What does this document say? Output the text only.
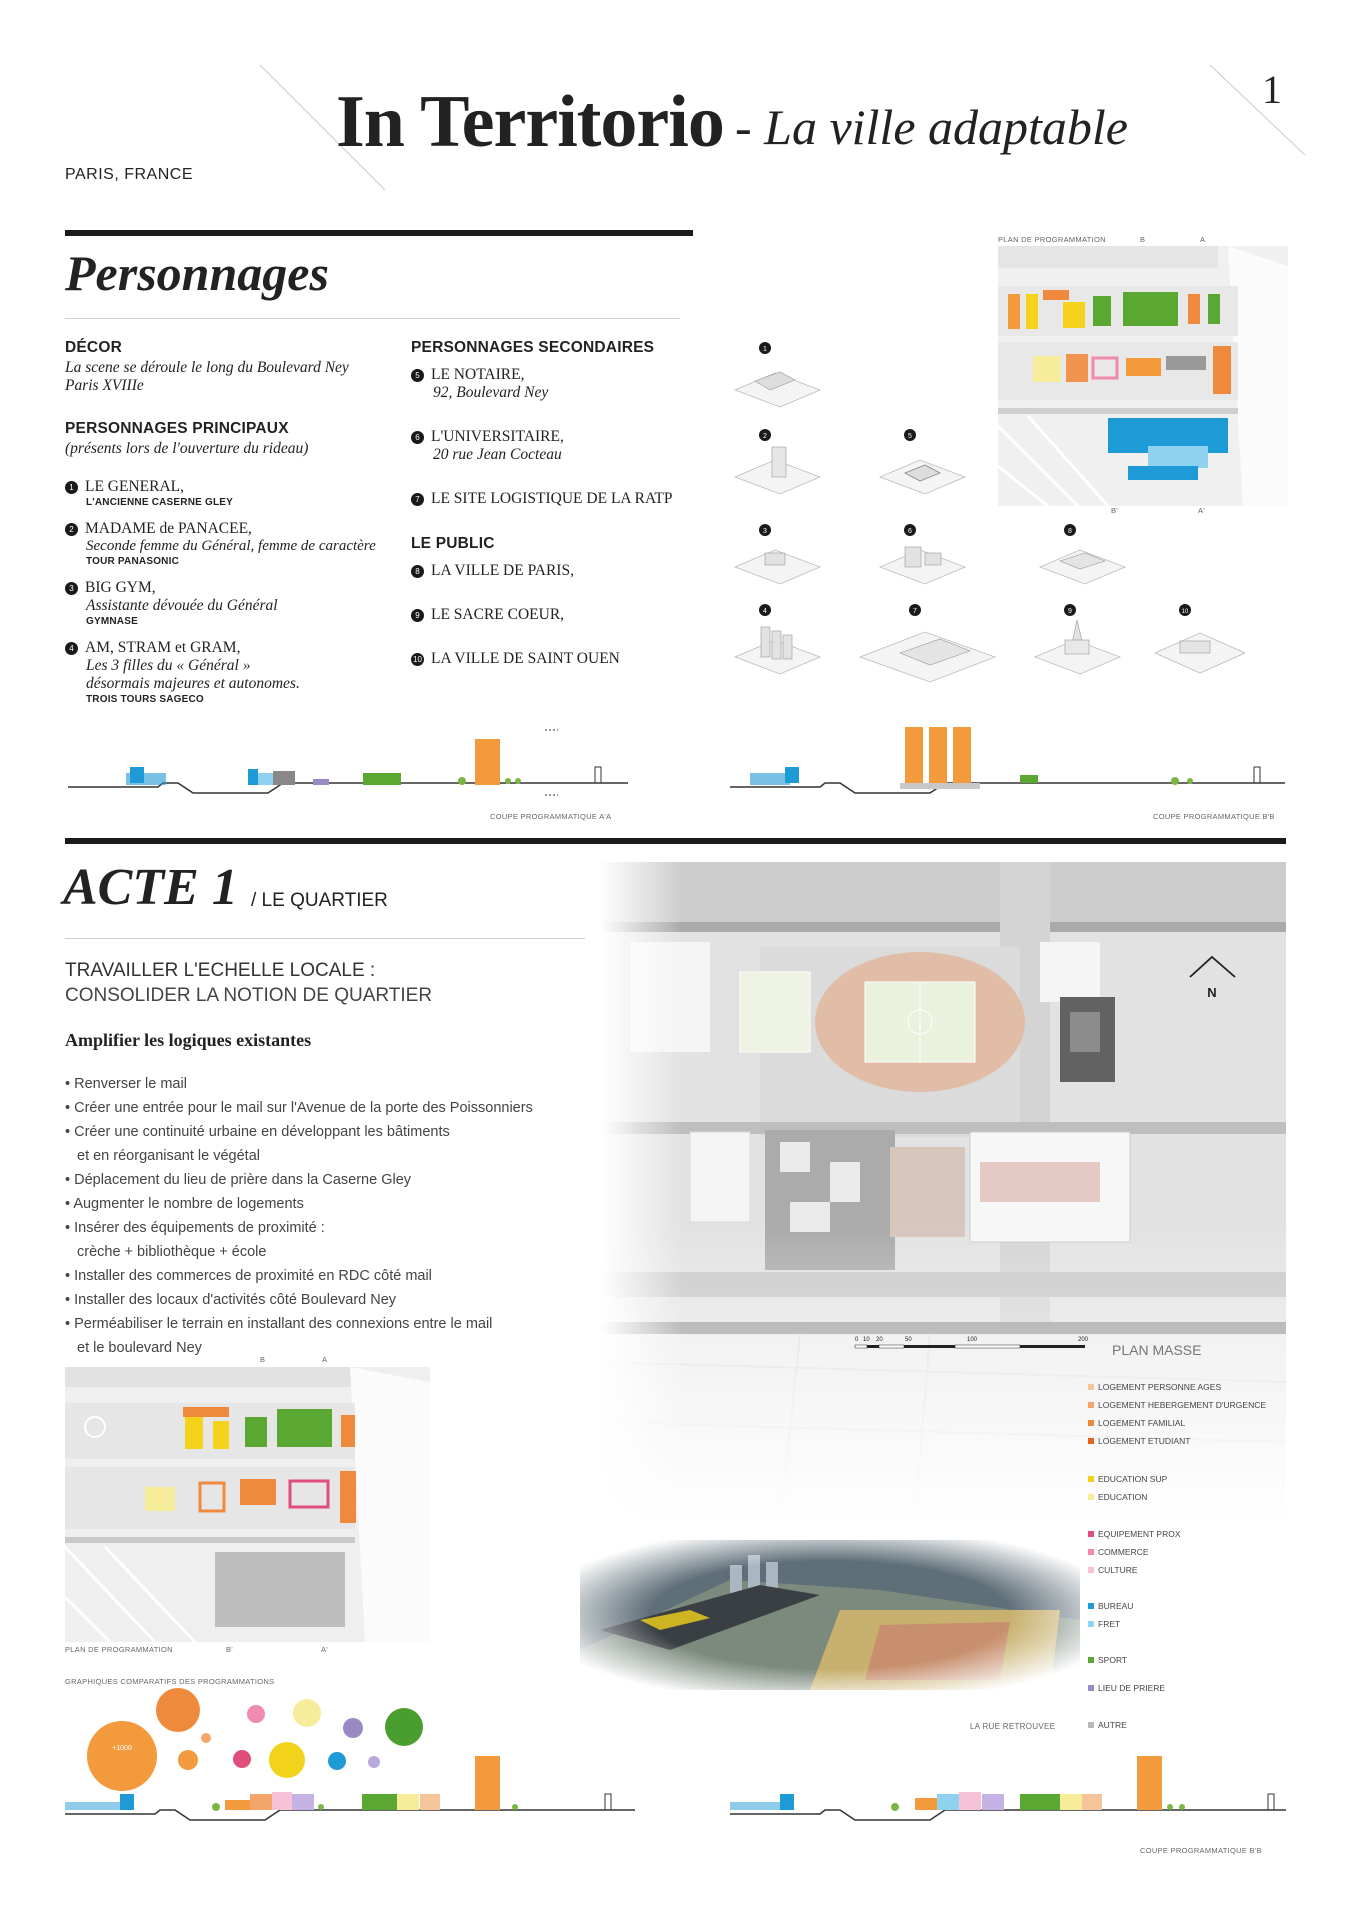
In Territorio - La ville adaptable
1
PARIS, FRANCE
Personnages
DÉCOR
La scene se déroule le long du Boulevard Ney
Paris XVIIIe
PERSONNAGES PRINCIPAUX
(présents lors de l'ouverture du rideau)
1 LE GENERAL,
L'ANCIENNE CASERNE GLEY
2 MADAME de PANACEE,
Seconde femme du Général, femme de caractère
TOUR PANASONIC
3 BIG GYM,
Assistante dévouée du Général
GYMNASE
4 AM, STRAM et GRAM,
Les 3 filles du « Général »
désormais majeures et autonomes.
TROIS TOURS SAGECO
PERSONNAGES SECONDAIRES
5 LE NOTAIRE,
92, Boulevard Ney
6 L'UNIVERSITAIRE,
20 rue Jean Cocteau
7 LE SITE LOGISTIQUE DE LA RATP
LE PUBLIC
8 LA VILLE DE PARIS,
9 LE SACRE COEUR,
10 LA VILLE DE SAINT OUEN
1
2	5
3	6	8
4	7	9	10
PLAN DE PROGRAMMATION	B	A
B'	A'
COUPE PROGRAMMATIQUE A'A	COUPE PROGRAMMATIQUE B'B
ACTE 1 / LE QUARTIER
TRAVAILLER L'ECHELLE LOCALE :
CONSOLIDER LA NOTION DE QUARTIER
Amplifier les logiques existantes
• Renverser le mail
• Créer une entrée pour le mail sur l'Avenue de la porte des Poissonniers
• Créer une continuité urbaine en développant les bâtiments
et en réorganisant le végétal
• Déplacement du lieu de prière dans la Caserne Gley
• Augmenter le nombre de logements
• Insérer des équipements de proximité :
crèche + bibliothèque + école
• Installer des commerces de proximité en RDC côté mail
• Installer des locaux d'activités côté Boulevard Ney
• Perméabiliser le terrain en installant des connexions entre le mail
et le boulevard Ney
N
0 10 20	50	100	200
PLAN MASSE
LOGEMENT PERSONNE AGES
LOGEMENT HEBERGEMENT D'URGENCE
LOGEMENT FAMILIAL
LOGEMENT ETUDIANT
EDUCATION SUP
EDUCATION
EQUIPEMENT PROX
COMMERCE
CULTURE
BUREAU
FRET
SPORT
LIEU DE PRIERE
AUTRE
LA RUE RETROUVEE
B	A
PLAN DE PROGRAMMATION	B'	A'
GRAPHIQUES COMPARATIFS DES PROGRAMMATIONS
+1000
COUPE PROGRAMMATIQUE B'B
